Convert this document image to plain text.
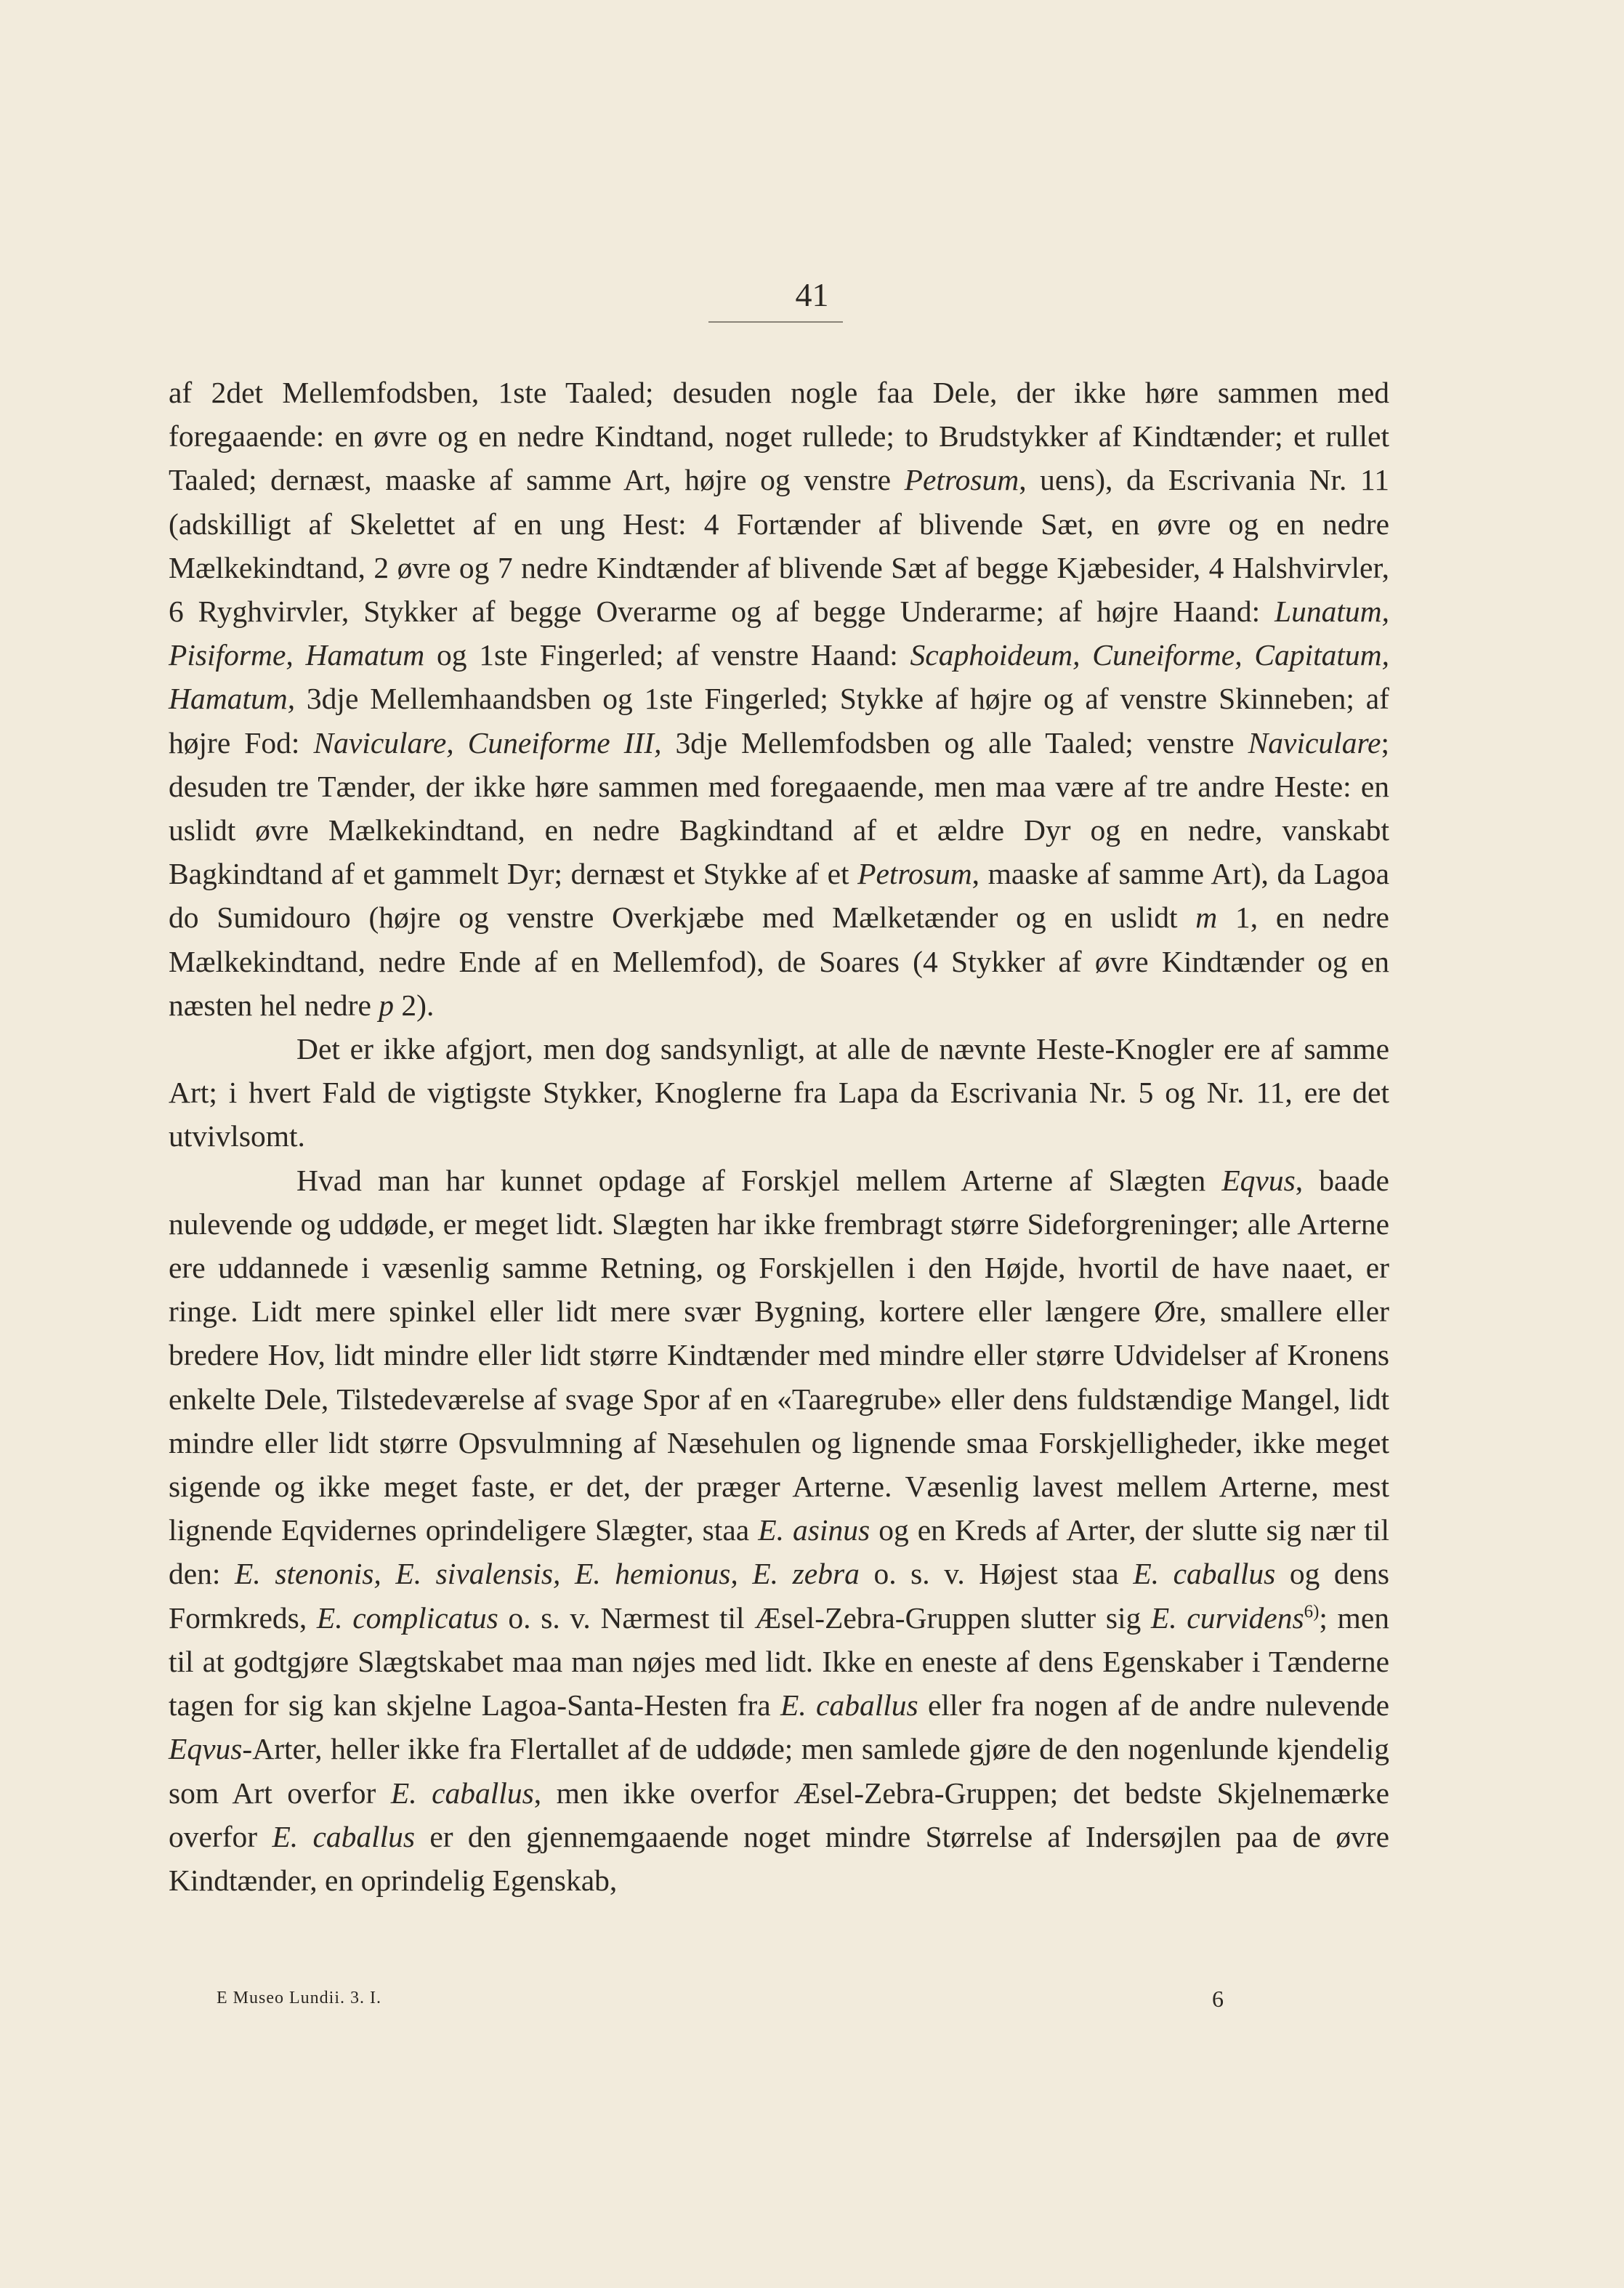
41

af 2det Mellemfodsben, 1ste Taaled; desuden nogle faa Dele, der ikke høre sammen med foregaaende: en øvre og en nedre Kindtand, noget rullede; to Brudstykker af Kindtænder; et rullet Taaled; dernæst, maaske af samme Art, højre og venstre Petrosum, uens), da Escrivania Nr. 11 (adskilligt af Skelettet af en ung Hest: 4 Fortænder af blivende Sæt, en øvre og en nedre Mælkekindtand, 2 øvre og 7 nedre Kindtænder af blivende Sæt af begge Kjæbesider, 4 Halshvirvler, 6 Ryghvirvler, Stykker af begge Overarme og af begge Underarme; af højre Haand: Lunatum, Pisiforme, Hamatum og 1ste Fingerled; af venstre Haand: Scaphoideum, Cuneiforme, Capitatum, Hamatum, 3dje Mellemhaandsben og 1ste Fingerled; Stykke af højre og af venstre Skinneben; af højre Fod: Naviculare, Cuneiforme III, 3dje Mellemfodsben og alle Taaled; venstre Naviculare; desuden tre Tænder, der ikke høre sammen med foregaaende, men maa være af tre andre Heste: en uslidt øvre Mælkekindtand, en nedre Bagkindtand af et ældre Dyr og en nedre, vanskabt Bagkindtand af et gammelt Dyr; dernæst et Stykke af et Petrosum, maaske af samme Art), da Lagoa do Sumidouro (højre og venstre Overkjæbe med Mælketænder og en uslidt m 1, en nedre Mælkekindtand, nedre Ende af en Mellemfod), de Soares (4 Stykker af øvre Kindtænder og en næsten hel nedre p 2).

Det er ikke afgjort, men dog sandsynligt, at alle de nævnte Heste-Knogler ere af samme Art; i hvert Fald de vigtigste Stykker, Knoglerne fra Lapa da Escrivania Nr. 5 og Nr. 11, ere det utvivlsomt.

Hvad man har kunnet opdage af Forskjel mellem Arterne af Slægten Eqvus, baade nulevende og uddøde, er meget lidt. Slægten har ikke frembragt større Sideforgreninger; alle Arterne ere uddannede i væsenlig samme Retning, og Forskjellen i den Højde, hvortil de have naaet, er ringe. Lidt mere spinkel eller lidt mere svær Bygning, kortere eller længere Øre, smallere eller bredere Hov, lidt mindre eller lidt større Kindtænder med mindre eller større Udvidelser af Kronens enkelte Dele, Tilstedeværelse af svage Spor af en «Taaregrube» eller dens fuldstændige Mangel, lidt mindre eller lidt større Opsvulmning af Næsehulen og lignende smaa Forskjelligheder, ikke meget sigende og ikke meget faste, er det, der præger Arterne. Væsenlig lavest mellem Arterne, mest lignende Eqvidernes oprindeligere Slægter, staa E. asinus og en Kreds af Arter, der slutte sig nær til den: E. stenonis, E. sivalensis, E. hemionus, E. zebra o. s. v. Højest staa E. caballus og dens Formkreds, E. complicatus o. s. v. Nærmest til Æsel-Zebra-Gruppen slutter sig E. curvidens$^{6)}$; men til at godtgjøre Slægtskabet maa man nøjes med lidt. Ikke en eneste af dens Egenskaber i Tænderne tagen for sig kan skjelne Lagoa-Santa-Hesten fra E. caballus eller fra nogen af de andre nulevende Eqvus-Arter, heller ikke fra Flertallet af de uddøde; men samlede gjøre de den nogenlunde kjendelig som Art overfor E. caballus, men ikke overfor Æsel-Zebra-Gruppen; det bedste Skjelnemærke overfor E. caballus er den gjennemgaaende noget mindre Størrelse af Indersøjlen paa de øvre Kindtænder, en oprindelig Egenskab,

E Museo Lundii. 3. I.	6
